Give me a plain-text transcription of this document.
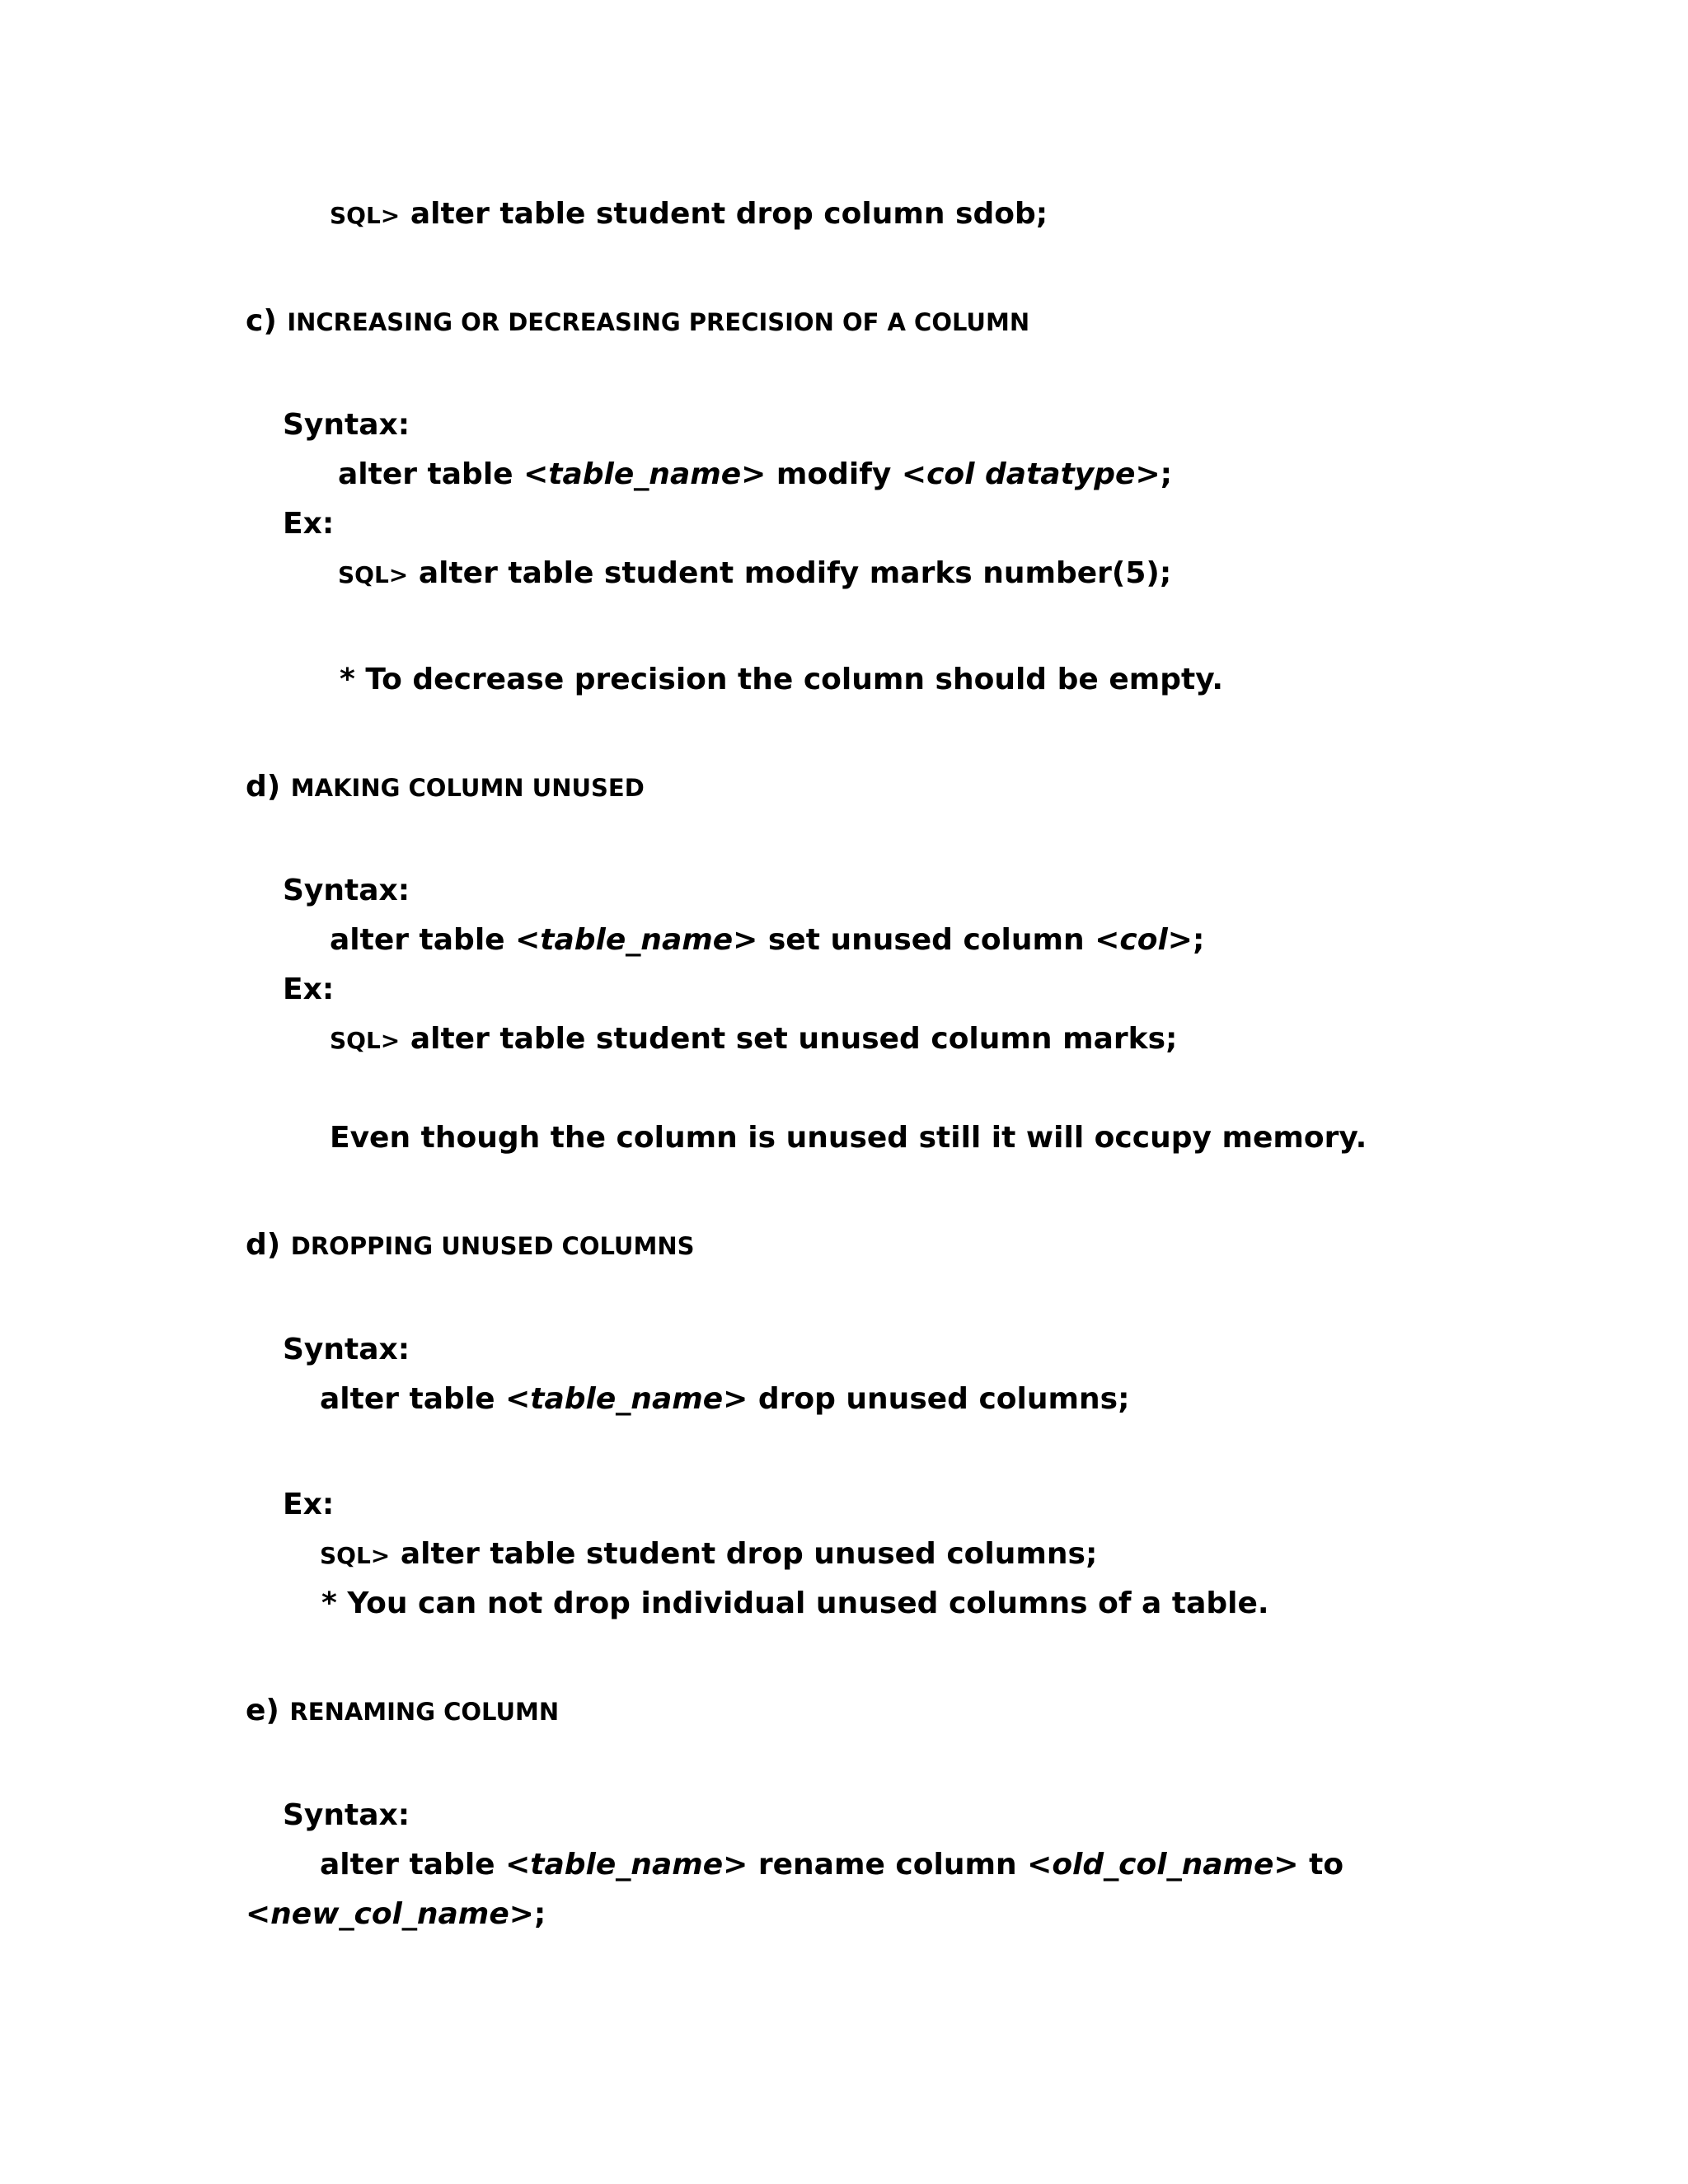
SQL> alter table student drop column sdob;
c) INCREASING OR DECREASING PRECISION OF A COLUMN
Syntax:
alter table <table_name> modify <col datatype>;
Ex:
SQL> alter table student modify marks number(5);
* To decrease precision the column should be empty.
d) MAKING COLUMN UNUSED
Syntax:
alter table <table_name> set unused column <col>;
Ex:
SQL> alter table student set unused column marks;
Even though the column is unused still it will occupy memory.
d) DROPPING UNUSED COLUMNS
Syntax:
alter table <table_name> drop unused columns;
Ex:
SQL> alter table student drop unused columns;
* You can not drop individual unused columns of a table.
e) RENAMING COLUMN
Syntax:
alter table <table_name> rename column <old_col_name> to
<new_col_name>;
